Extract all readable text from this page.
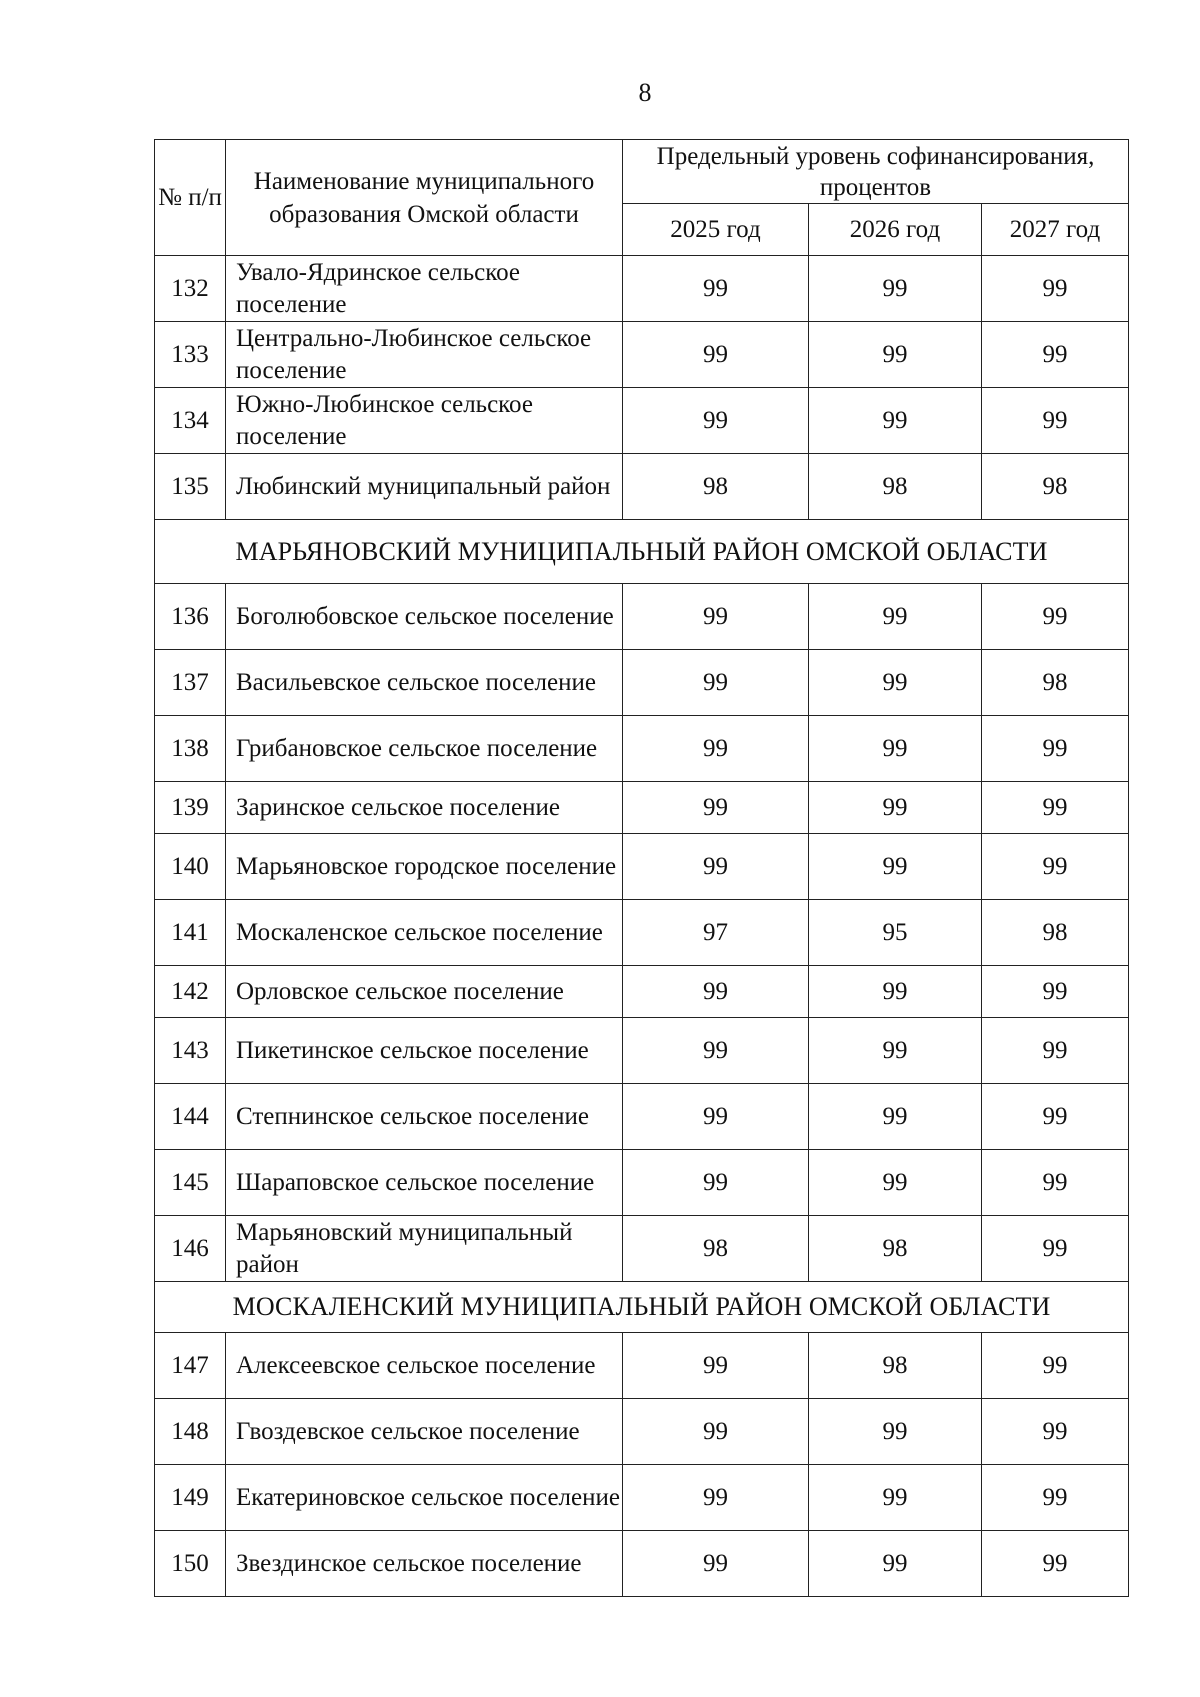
8
№ п/п	Наименование муниципального образования Омской области	Предельный уровень софинансирования, процентов		
		2025 год	2026 год	2027 год
132	Увало-Ядринское сельское поселение	99	99	99
133	Центрально-Любинское сельское поселение	99	99	99
134	Южно-Любинское сельское поселение	99	99	99
135	Любинский муниципальный район	98	98	98
МАРЬЯНОВСКИЙ МУНИЦИПАЛЬНЫЙ РАЙОН ОМСКОЙ ОБЛАСТИ				
136	Боголюбовское сельское поселение	99	99	99
137	Васильевское сельское поселение	99	99	98
138	Грибановское сельское поселение	99	99	99
139	Заринское сельское поселение	99	99	99
140	Марьяновское городское поселение	99	99	99
141	Москаленское сельское поселение	97	95	98
142	Орловское сельское поселение	99	99	99
143	Пикетинское сельское поселение	99	99	99
144	Степнинское сельское поселение	99	99	99
145	Шараповское сельское поселение	99	99	99
146	Марьяновский муниципальный район	98	98	99
МОСКАЛЕНСКИЙ МУНИЦИПАЛЬНЫЙ РАЙОН ОМСКОЙ ОБЛАСТИ				
147	Алексеевское сельское поселение	99	98	99
148	Гвоздевское сельское поселение	99	99	99
149	Екатериновское сельское поселение	99	99	99
150	Звездинское сельское поселение	99	99	99
